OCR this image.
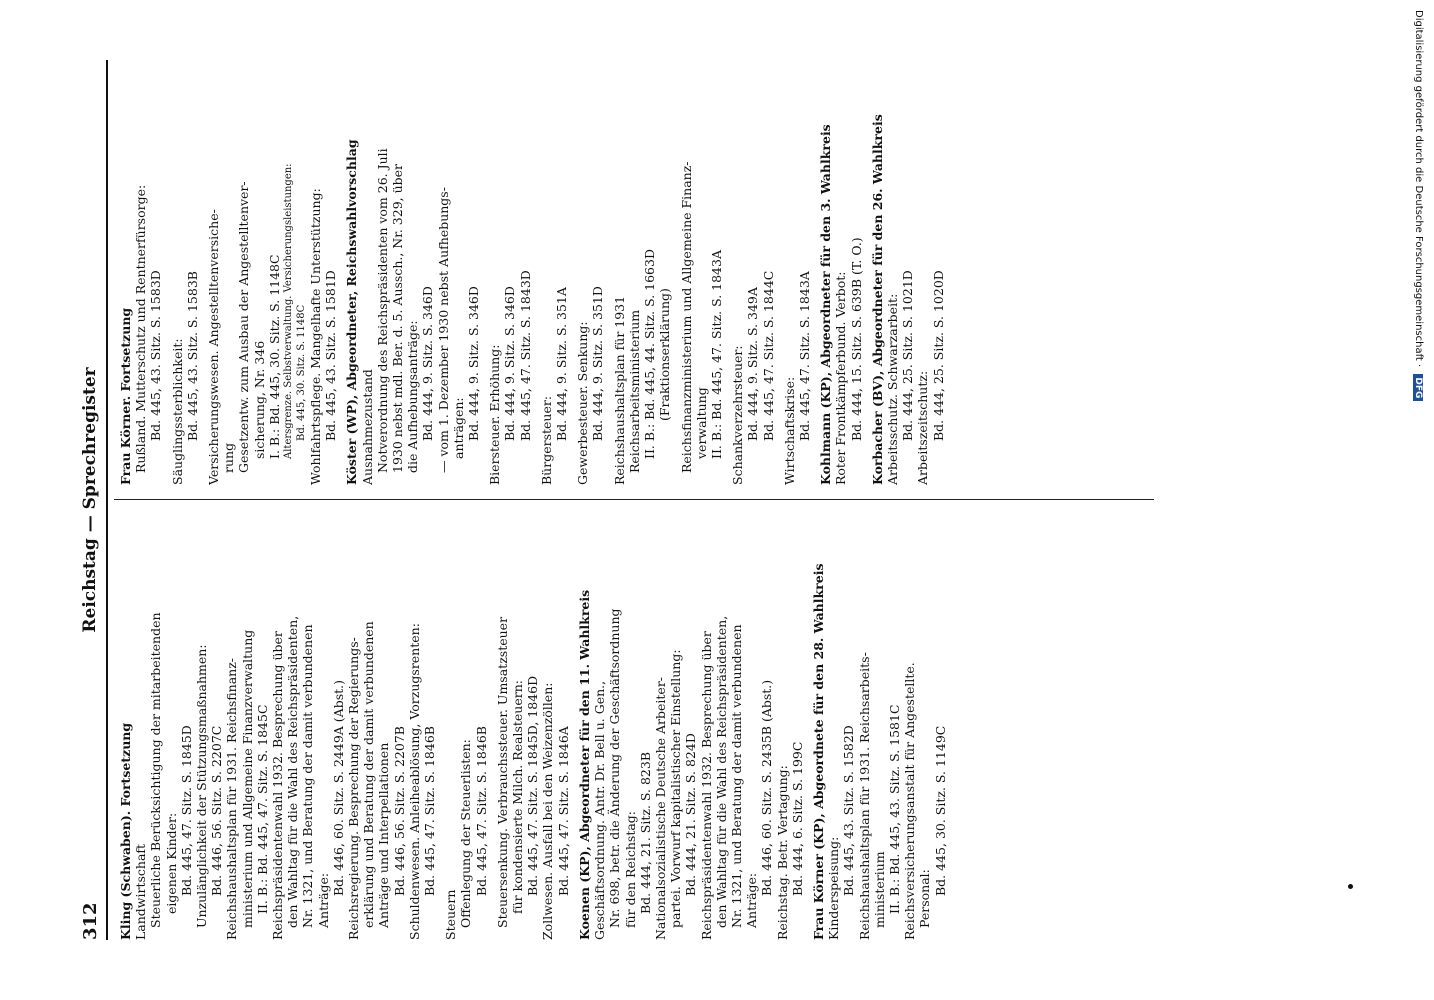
312
Reichstag — Sprechregister
Kling (Schwaben). Fortsetzung Landwirtschaft Steuerliche Berücksichtigung der mitarbeitenden eigenen Kinder: Bd. 445, 47. Sitz. S. 1845D Unzulänglichkeit der Stützungsmaßnahmen: Bd. 446, 56. Sitz. S. 2207C Reichshaushaltsplan für 1931. Reichsfinanz- ministerium und Allgemeine Finanzverwaltung II. B.: Bd. 445, 47. Sitz. S. 1845C Reichspräsidentenwahl 1932. Besprechung über den Wahltag für die Wahl des Reichspräsidenten, Nr. 1321, und Beratung der damit verbundenen Anträge:
Bd. 446, 60. Sitz. S. 2449A (Abst.) Reichsregierung. Besprechung der Regierungs- erklärung und Beratung der damit verbundenen Anträge und Interpellationen Bd. 446, 56. Sitz. S. 2207B Schuldenwesen. Anleiheablösung, Vorzugsrenten: Bd. 445, 47. Sitz. S. 1846B
Steuern Offenlegung der Steuerlisten: Bd. 445, 47. Sitz. S. 1846B Steuersenkung. Verbrauchssteuer. Umsatzsteuer für kondensierte Milch. Realsteuern: Bd. 445, 47. Sitz. S. 1845D, 1846D Zollwesen. Ausfall bei den Weizenzöllen: Bd. 445, 47. Sitz. S. 1846A Koenen (KP), Abgeordneter für den 11. Wahlkreis Geschäftsordnung. Antr. Dr. Bell u. Gen., Nr. 698, betr. die Änderung der Geschäftsordnung für den Reichstag: Bd. 444, 21. Sitz. S. 823B Nationalsozialistische Deutsche Arbeiter- partei. Vorwurf kapitalistischer Einstellung: Bd. 444, 21. Sitz. S. 824D Reichspräsidentenwahl 1932. Besprechung über den Wahltag für die Wahl des Reichspräsidenten, Nr. 1321, und Beratung der damit verbundenen Anträge:
Bd. 446, 60. Sitz. S. 2435B (Abst.) Reichstag. Betr. Vertagung: Bd. 444, 6. Sitz. S. 199C Frau Körner (KP), Abgeordnete für den 28. Wahlkreis Kinderspeisung: Bd. 445, 43. Sitz. S. 1582D Reichshaushaltsplan für 1931. Reichsarbeits- ministerium II. B.: Bd. 445, 43. Sitz. S. 1581C Reichsversicherungsanstalt für Angestellte. Personal:
Bd. 445, 30. Sitz. S. 1149C
Frau Körner. Fortsetzung Rußland. Mutterschutz und Rentnerfürsorge: Bd. 445, 43. Sitz. S. 1583D Säuglingssterblichkeit: Bd. 445, 43. Sitz. S. 1583B Versicherungswesen. Angestelltenversiche- rung Gesetzentw. zum Ausbau der Angestelltenver- sicherung, Nr. 346 I. B.: Bd. 445, 30. Sitz. S. 1148C Altersgrenze. Selbstverwaltung. Versicherungsleistungen: Bd. 445, 30. Sitz. S. 1148C Wohlfahrtspflege. Mangelhafte Unterstützung: Bd. 445, 43. Sitz. S. 1581D Köster (WP), Abgeordneter, Reichswahlvorschlag Ausnahmezustand Notverordnung des Reichspräsidenten vom 26. Juli 1930 nebst mdl. Ber. d. 5. Aussch., Nr. 329, über die Aufhebungsanträge: Bd. 444, 9. Sitz. S. 346D — vom 1. Dezember 1930 nebst Aufhebungs- anträgen: Bd. 444, 9. Sitz. S. 346D Biersteuer. Erhöhung: Bd. 444, 9. Sitz. S. 346D Bd. 445, 47. Sitz. S. 1843D Bürgersteuer: Bd. 444, 9. Sitz. S. 351A Gewerbesteuer. Senkung: Bd. 444, 9. Sitz. S. 351D Reichshaushaltsplan für 1931 Reichsarbeitsministerium II. B.: Bd. 445, 44. Sitz. S. 1663D (Fraktionserklärung) Reichsfinanzministerium und Allgemeine Finanz- verwaltung II. B.: Bd. 445, 47. Sitz. S. 1843A Schankverzehrsteuer: Bd. 444, 9. Sitz. S. 349A Bd. 445, 47. Sitz. S. 1844C Wirtschaftskrise: Bd. 445, 47. Sitz. S. 1843A Kohlmann (KP), Abgeordneter für den 3. Wahlkreis Roter Frontkämpferbund. Verbot: Bd. 444, 15. Sitz. S. 639B (T. O.) Korbacher (BV), Abgeordneter für den 26. Wahlkreis Arbeitsschutz. Schwarzarbeit: Bd. 444, 25. Sitz. S. 1021D Arbeitszeitschutz: Bd. 444, 25. Sitz. S. 1020D	Digitalisierung gefördert durch die Deutsche Forschungsgemeinschaft · DFG
